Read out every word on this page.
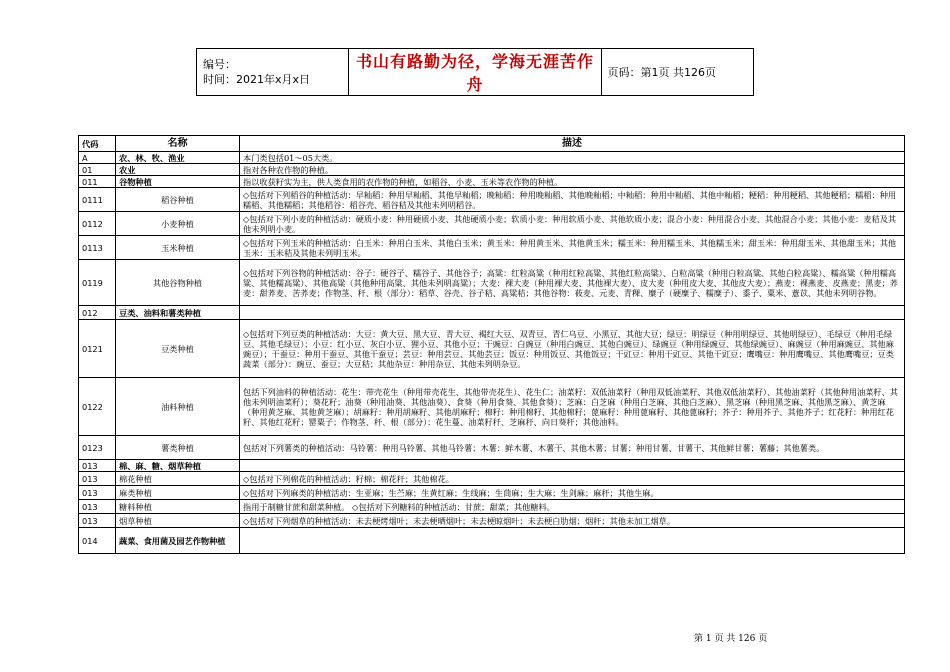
编号：
时间：2021年x月x日
	书山有路勤为径，学海无涯苦作舟	页码：第1页 共126页
代码	名称	描述
A	农、林、牧、渔业	本门类包括01～05大类。
01	农业	指对各种农作物的种植。
011	谷物种植	指以收获籽实为主，供人类食用的农作物的种植，如稻谷、小麦、玉米等农作物的种植。
0111	稻谷种植	◇包括对下列稻谷的种植活动：早籼稻：种用早籼稻、其他早籼稻；晚籼稻：种用晚籼稻、其他晚籼稻；中籼稻：种用中籼稻、其他中籼稻；粳稻：种用粳稻、其他粳稻；糯稻：种用糯稻、其他糯稻；其他稻谷：稻谷壳、稻谷秸及其他未列明稻谷。
0112	小麦种植	◇包括对下列小麦的种植活动：硬质小麦：种用硬质小麦、其他硬质小麦；软质小麦：种用软质小麦、其他软质小麦；混合小麦：种用混合小麦、其他混合小麦；其他小麦：麦秸及其他未列明小麦。
0113	玉米种植	◇包括对下列玉米的种植活动：白玉米：种用白玉米、其他白玉米；黄玉米：种用黄玉米、其他黄玉米；糯玉米：种用糯玉米、其他糯玉米；甜玉米：种用甜玉米、其他甜玉米；其他玉米：玉米秸及其他未列明玉米。
0119	其他谷物种植	◇包括对下列谷物的种植活动：谷子：硬谷子、糯谷子、其他谷子；高粱：红粒高粱（种用红粒高粱、其他红粒高粱）、白粒高粱（种用白粒高粱、其他白粒高粱）、糯高粱（种用糯高粱、其他糯高粱）、其他高粱（其他种用高粱、其他未列明高粱）；大麦：裸大麦（种用裸大麦、其他裸大麦）、皮大麦（种用皮大麦、其他皮大麦）；燕麦：裸燕麦、皮燕麦；黑麦；荞麦：甜荞麦、苦荞麦；作物茎、秆、根（部分）：稻草、谷壳、谷子秸、高粱秸；其他谷物：莜麦、元麦、青稞、糜子（硬糜子、糯糜子）、黍子、粟米、薏苡、其他未列明谷物。
012	豆类、油料和薯类种植	
0121	豆类种植	◇包括对下列豆类的种植活动：大豆：黄大豆、黑大豆、青大豆、褐红大豆、双青豆、青仁乌豆、小黑豆、其他大豆；绿豆：明绿豆（种用明绿豆、其他明绿豆）、毛绿豆（种用毛绿豆、其他毛绿豆）；小豆：红小豆、灰白小豆、狸小豆、其他小豆；干豌豆：白豌豆（种用白豌豆、其他白豌豆）、绿豌豆（种用绿豌豆、其他绿豌豆）、麻豌豆（种用麻豌豆、其他麻豌豆）；干蚕豆：种用干蚕豆、其他干蚕豆；芸豆：种用芸豆、其他芸豆；饭豆：种用饭豆、其他饭豆；干豇豆：种用干豇豆、其他干豇豆；鹰嘴豆：种用鹰嘴豆、其他鹰嘴豆；豆类蔬菜（部分）：豌豆、蚕豆；大豆秸；其他杂豆：种用杂豆、其他未列明杂豆。
0122	油料种植	包括下列油料的种植活动：花生：带壳花生（种用带壳花生、其他带壳花生）、花生仁；油菜籽：双低油菜籽（种用双低油菜籽、其他双低油菜籽）、其他油菜籽（其他种用油菜籽、其他未列明油菜籽）；葵花籽；油葵（种用油葵、其他油葵）、食葵（种用食葵、其他食葵）；芝麻：白芝麻（种用白芝麻、其他白芝麻）、黑芝麻（种用黑芝麻、其他黑芝麻）、黄芝麻（种用黄芝麻、其他黄芝麻）；胡麻籽：种用胡麻籽、其他胡麻籽；棉籽：种用棉籽、其他棉籽；蓖麻籽：种用蓖麻籽、其他蓖麻籽；芥子：种用芥子、其他芥子；红花籽：种用红花籽、其他红花籽；罂粟子；作物茎、秆、根（部分）：花生蔓、油菜籽秆、芝麻秆、向日葵秆；其他油料。
0123	薯类种植	包括对下列薯类的种植活动：马铃薯：种用马铃薯、其他马铃薯；木薯：鲜木薯、木薯干、其他木薯；甘薯：种用甘薯、甘薯干、其他鲜甘薯；薯藤；其他薯类。
013	棉、麻、糖、烟草种植	
013	棉花种植	◇包括对下列棉花的种植活动：籽棉；棉花秆；其他棉花。
013	麻类种植	◇包括对下列麻类的种植活动：生亚麻；生苎麻；生黄红麻；生线麻；生茼麻；生大麻；生剑麻；麻秆；其他生麻。
013	糖料种植	指用于制糖甘蔗和甜菜种植。 ◇包括对下列糖料的种植活动：甘蔗；甜菜；其他糖料。
013	烟草种植	◇包括对下列烟草的种植活动：未去梗烤烟叶；未去梗晒烟叶；未去梗晾烟叶；未去梗白肋烟；烟秆；其他未加工烟草。
014	蔬菜、食用菌及园艺作物种植	
第 1 页 共 126 页
